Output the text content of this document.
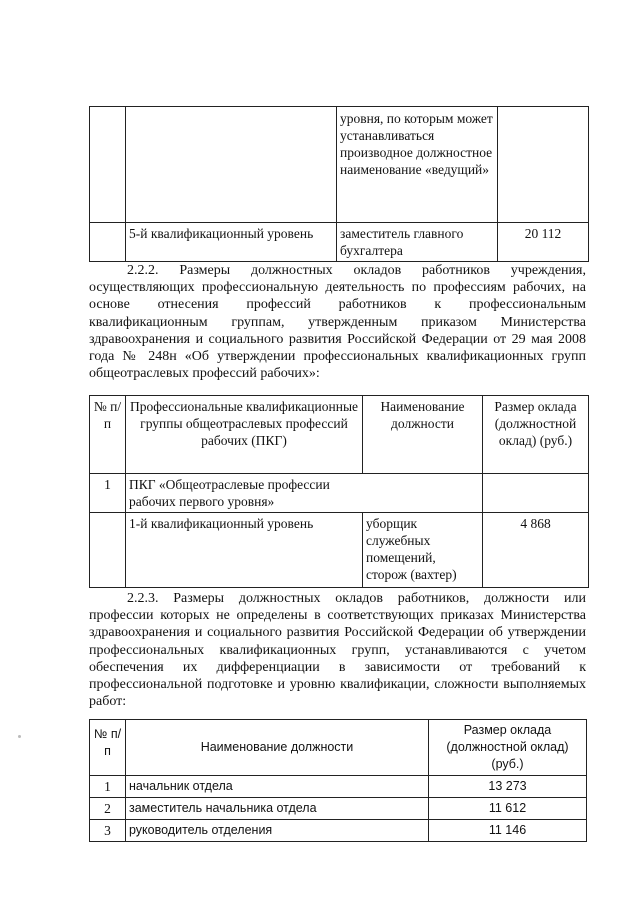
		уровня, по которым может устанавливаться производное должностное наименование «ведущий»	
	5-й квалификационный уровень	заместитель главного бухгалтера	20 112
2.2.2. Размеры должностных окладов работников учреждения, осуществляющих профессиональную деятельность по профессиям рабочих, на основе отнесения профессий работников к профессиональным квалификационным группам, утвержденным приказом Министерства здравоохранения и социального развития Российской Федерации от 29 мая 2008 года № 248н «Об утверждении профессиональных квалификационных групп общеотраслевых профессий рабочих»:
№ п/п	Профессиональные квалификационные группы общеотраслевых профессий рабочих (ПКГ)	Наименование должности	Размер оклада (должностной оклад) (руб.)
1	ПКГ «Общеотраслевые профессии рабочих первого уровня»		
	1-й квалификационный уровень	уборщик служебных помещений, сторож (вахтер)	4 868
2.2.3. Размеры должностных окладов работников, должности или профессии которых не определены в соответствующих приказах Министерства здравоохранения и социального развития Российской Федерации об утверждении профессиональных квалификационных групп, устанавливаются с учетом обеспечения их дифференциации в зависимости от требований к профессиональной подготовке и уровню квалификации, сложности выполняемых работ:
№ п/п	Наименование должности	Размер оклада (должностной оклад) (руб.)
1	начальник отдела	13 273
2	заместитель начальника отдела	11 612
3	руководитель отделения	11 146
